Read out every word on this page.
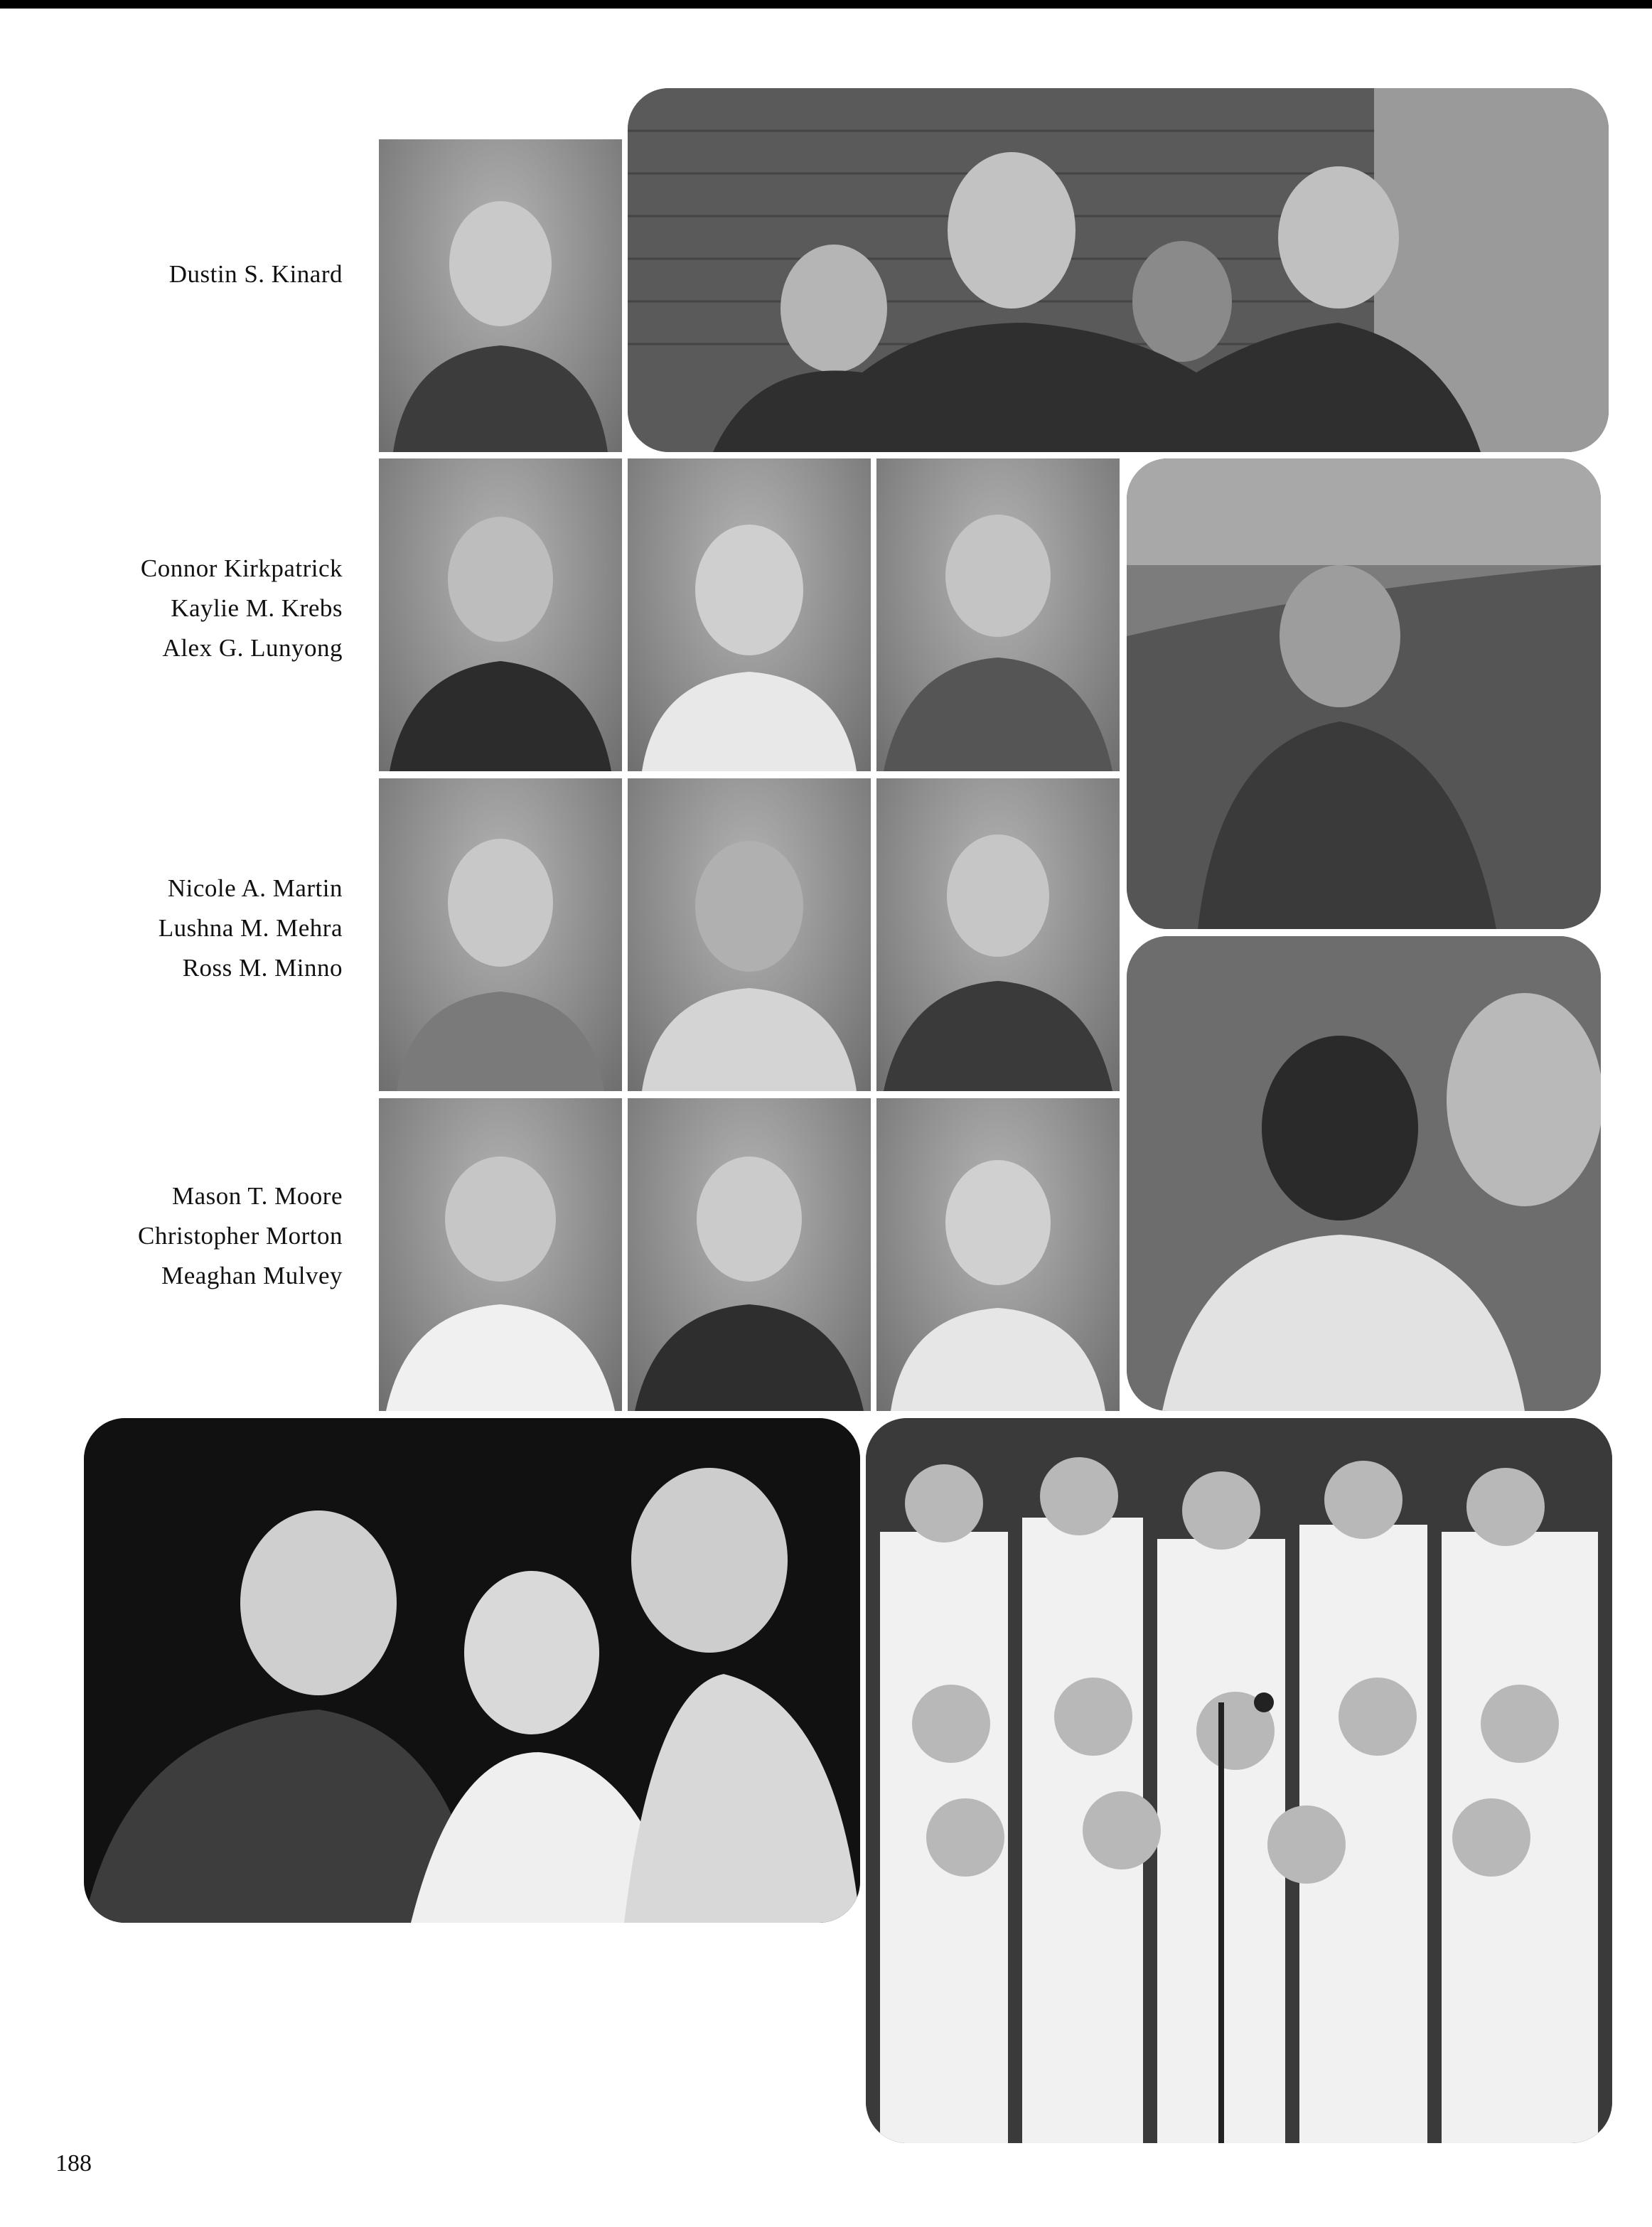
Dustin S. Kinard
Connor Kirkpatrick
Kaylie M. Krebs
Alex G. Lunyong
Nicole A. Martin
Lushna M. Mehra
Ross M. Minno
Mason T. Moore
Christopher Morton
Meaghan Mulvey
188
